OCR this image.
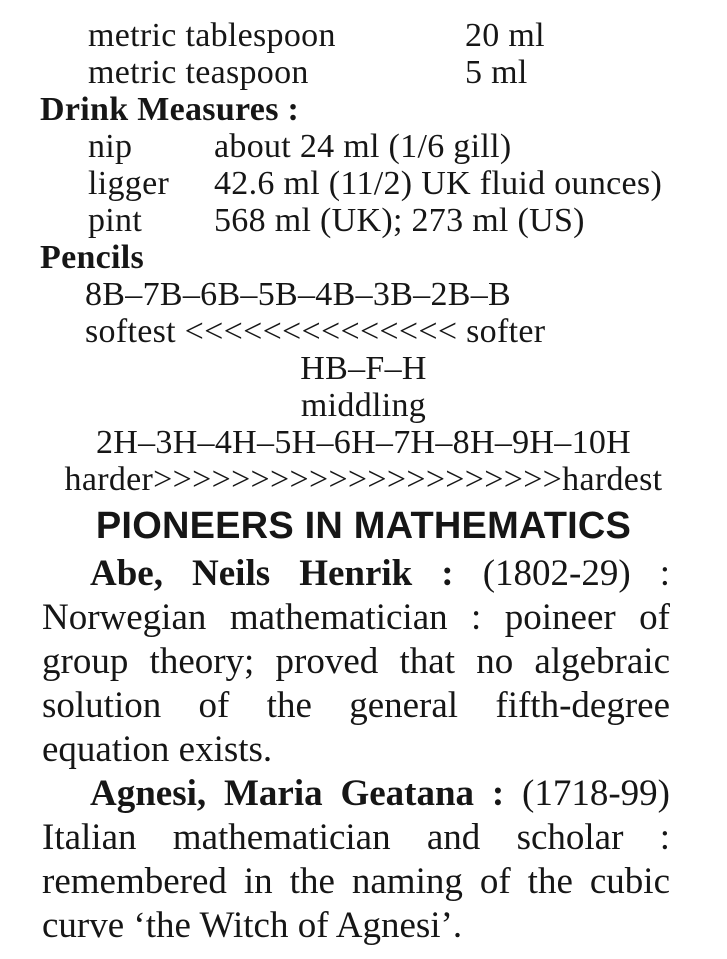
metric tablespoon	20 ml
metric teaspoon	5 ml
Drink Measures :
nip	about 24 ml (1/6 gill)
ligger	42.6 ml (11/2) UK fluid ounces)
pint	568 ml (UK); 273 ml (US)
Pencils
8B–7B–6B–5B–4B–3B–2B–B
softest <<<<<<<<<<<<<< softer
HB–F–H
middling
2H–3H–4H–5H–6H–7H–8H–9H–10H
harder>>>>>>>>>>>>>>>>>>>>>hardest
PIONEERS IN MATHEMATICS

Abe, Neils Henrik : (1802-29) : Norwegian mathematician : poineer of group theory; proved that no algebraic solution of the general fifth-degree equation exists.

Agnesi, Maria Geatana : (1718-99) Italian mathematician and scholar : remembered in the naming of the cubic curve ‘the Witch of Agnesi’.
